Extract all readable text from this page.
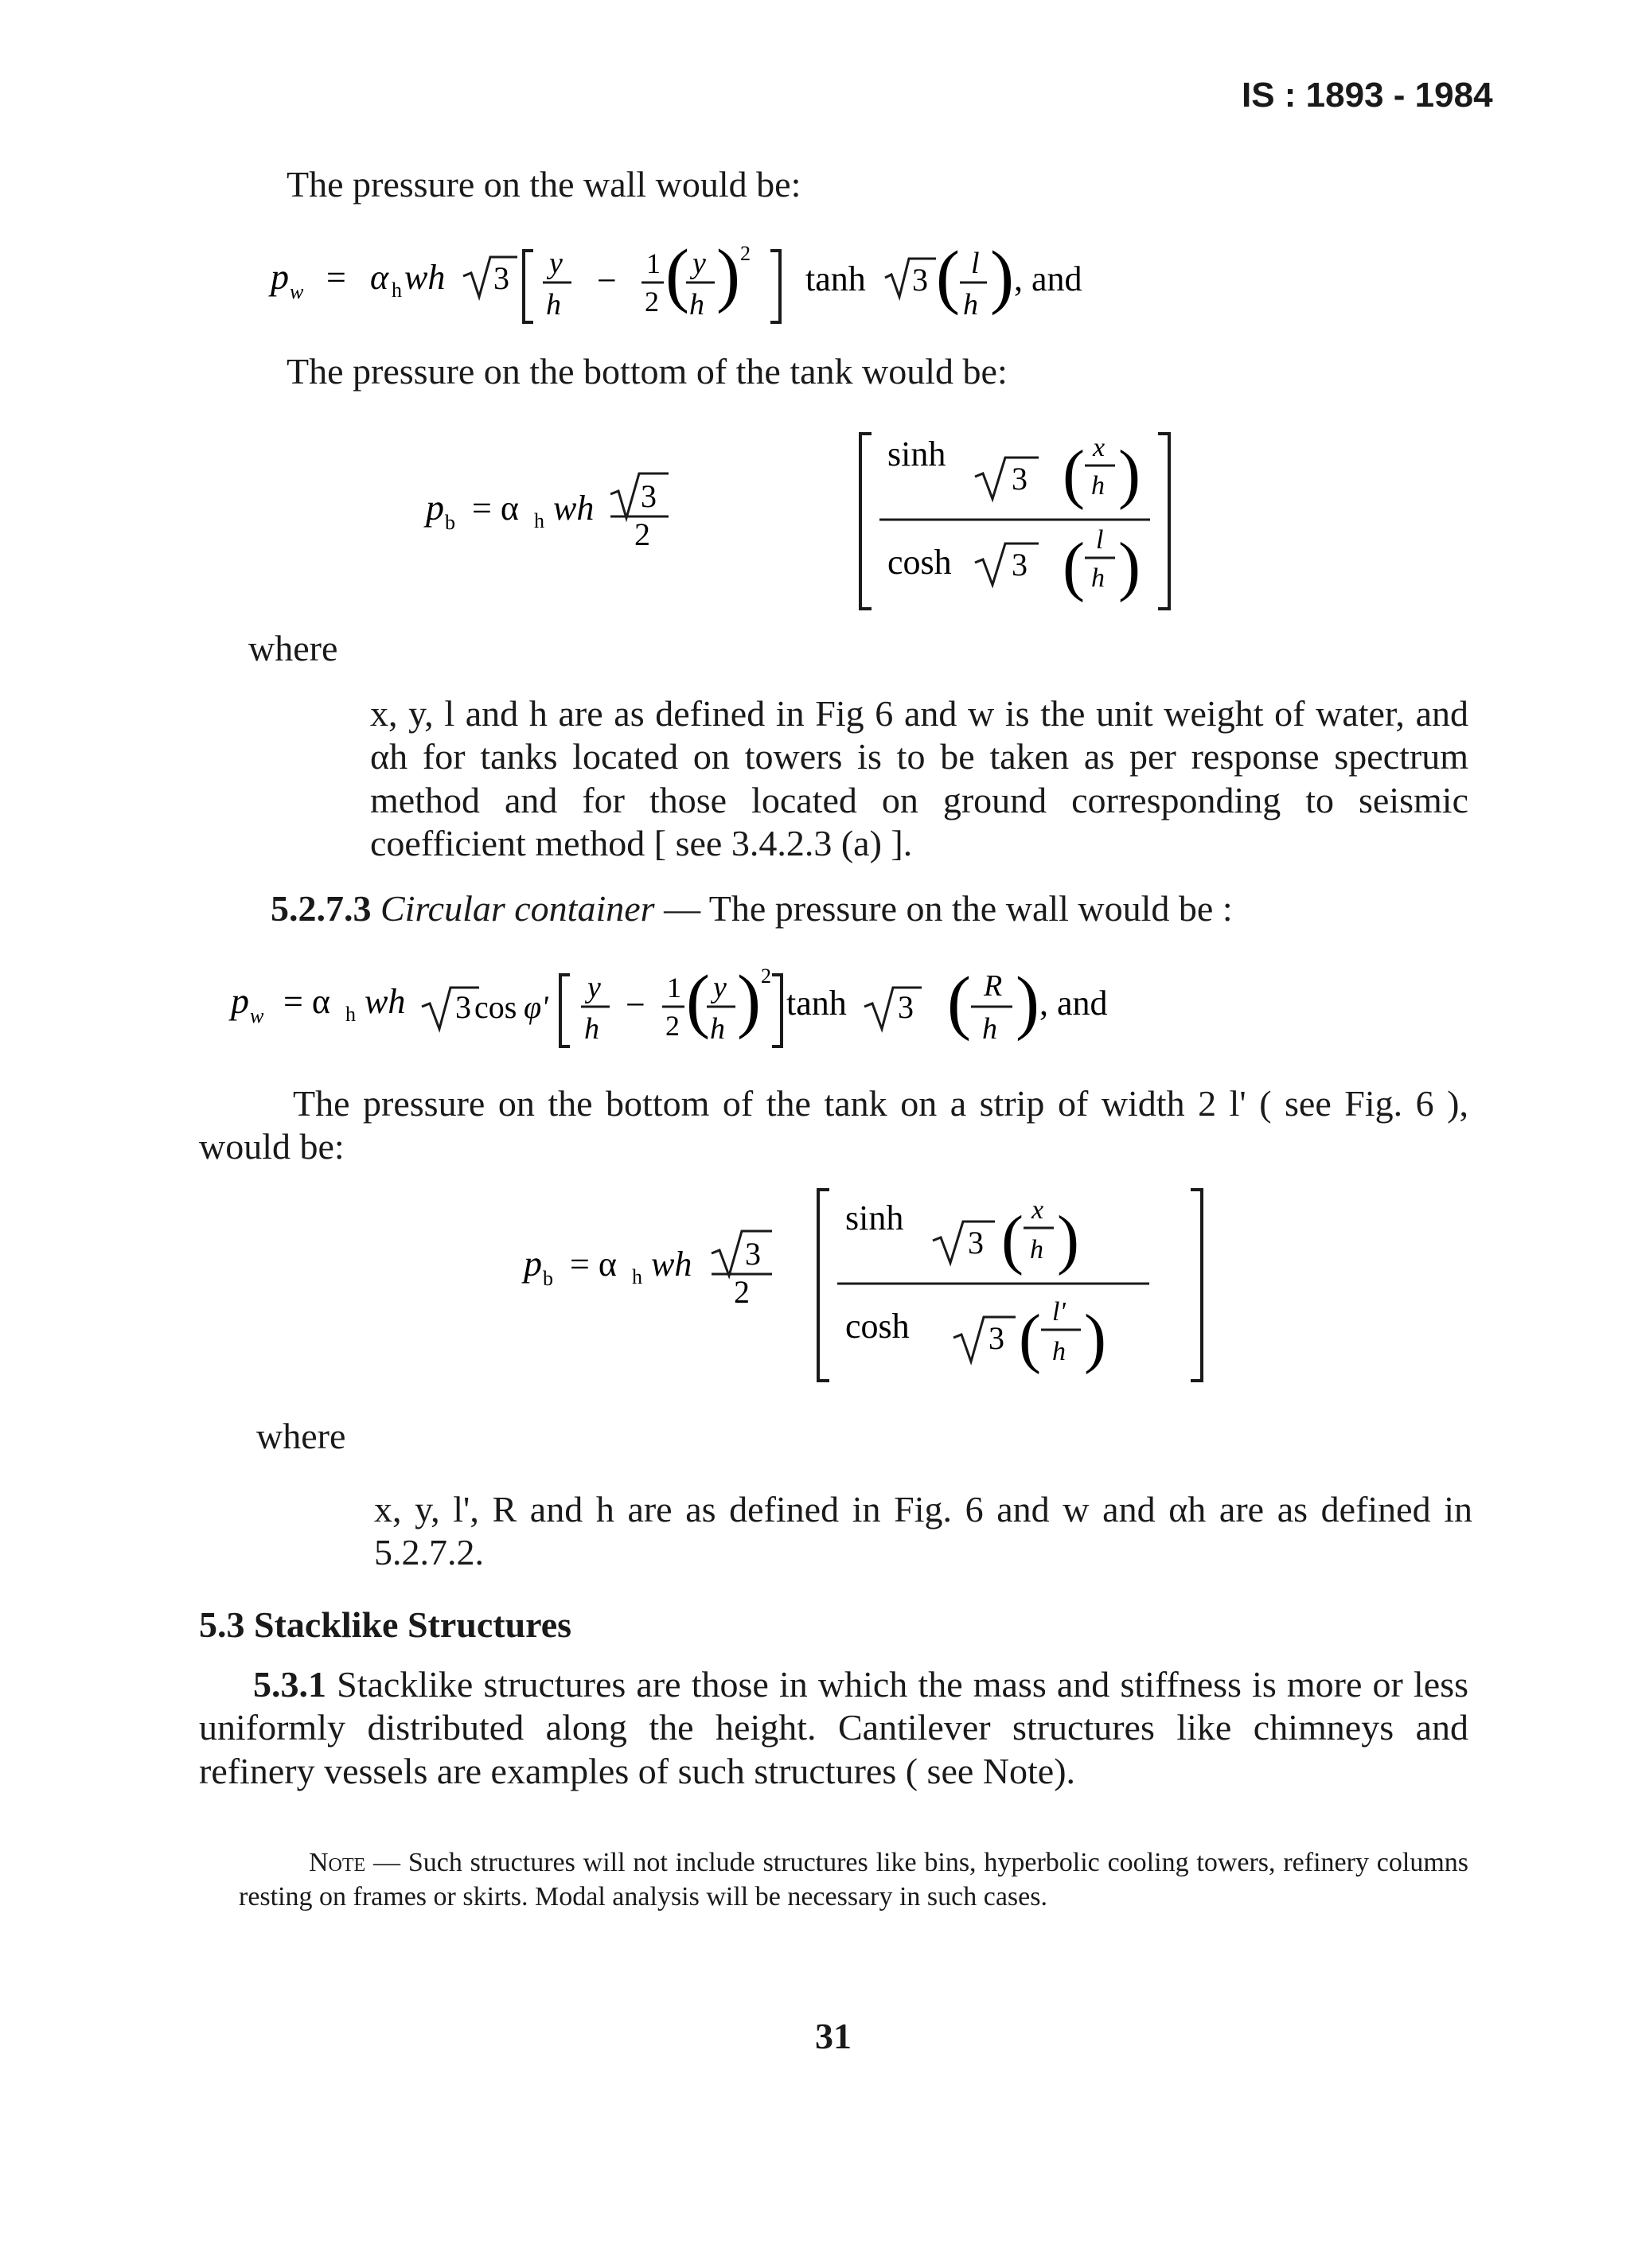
IS : 1893 - 1984
The pressure on the wall would be:
p w = α h wh 3 y
h
− 1
2 ( y
h ) 2
tanh 3 ( l
h ) , and
The pressure on the bottom of the tank would be:
p b = α h wh 3
2
sinh
3 ( x
h )
cosh 3 ( l
h )
where
x, y, l and h are as defined in Fig 6 and w is the unit weight of water, and αh for tanks located on towers is to be taken as per response spectrum method and for those located on ground corresponding to seismic coefficient method [ see 3.4.2.3 (a) ].
5.2.7.3 Circular container — The pressure on the wall would be :
p w = α h wh 3 cos φ'
y
h
− 1
2 ( y
h ) 2
tanh 3 ( R
h ) , and
The pressure on the bottom of the tank on a strip of width 2 l' ( see Fig. 6 ), would be:
p b = α h wh 3
2
sinh
3 ( x
h )
cosh 3 ( l'
h )
where
x, y, l', R and h are as defined in Fig. 6 and w and αh are as defined in 5.2.7.2.
5.3 Stacklike Structures
5.3.1 Stacklike structures are those in which the mass and stiffness is more or less uniformly distributed along the height. Cantilever structures like chimneys and refinery vessels are examples of such structures ( see Note).
Note — Such structures will not include structures like bins, hyperbolic cooling towers, refinery columns resting on frames or skirts. Modal analysis will be necessary in such cases.
31
